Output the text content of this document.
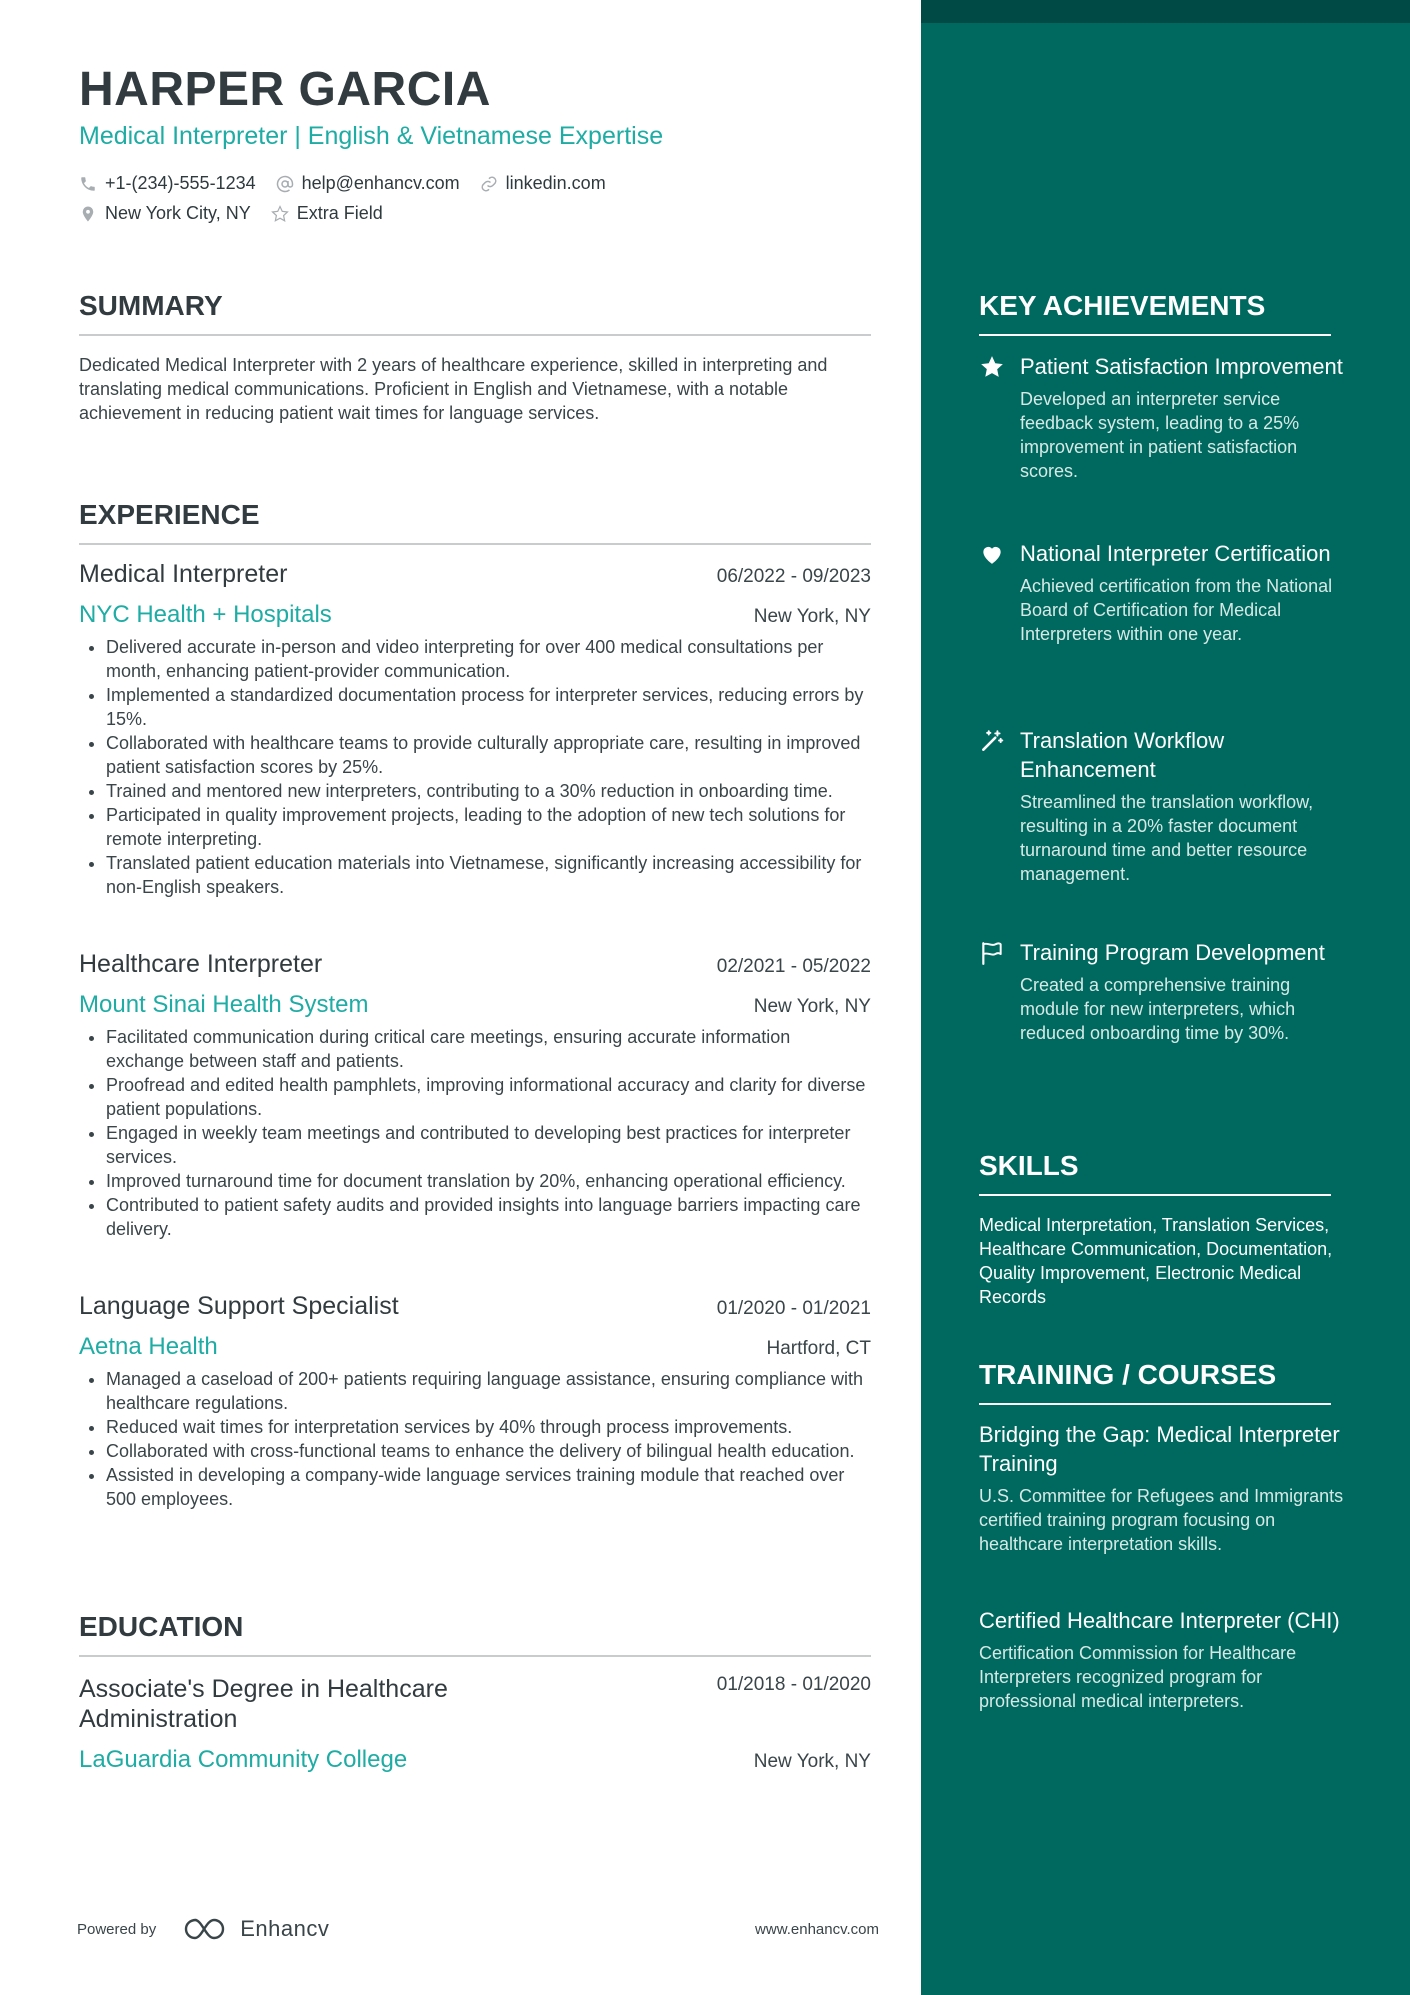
HARPER GARCIA

Medical Interpreter | English & Vietnamese Expertise

+1-(234)-555-1234	help@enhancv.com	linkedin.com
New York City, NY	Extra Field
SUMMARY

Dedicated Medical Interpreter with 2 years of healthcare experience, skilled in interpreting and translating medical communications. Proficient in English and Vietnamese, with a notable achievement in reducing patient wait times for language services.

EXPERIENCE
Medical Interpreter	06/2022 - 09/2023
NYC Health + Hospitals	New York, NY
• Delivered accurate in-person and video interpreting for over 400 medical consultations per month, enhancing patient-provider communication.
• Implemented a standardized documentation process for interpreter services, reducing errors by 15%.
• Collaborated with healthcare teams to provide culturally appropriate care, resulting in improved patient satisfaction scores by 25%.
• Trained and mentored new interpreters, contributing to a 30% reduction in onboarding time.
• Participated in quality improvement projects, leading to the adoption of new tech solutions for remote interpreting.
• Translated patient education materials into Vietnamese, significantly increasing accessibility for non-English speakers.
Healthcare Interpreter	02/2021 - 05/2022
Mount Sinai Health System	New York, NY
• Facilitated communication during critical care meetings, ensuring accurate information exchange between staff and patients.
• Proofread and edited health pamphlets, improving informational accuracy and clarity for diverse patient populations.
• Engaged in weekly team meetings and contributed to developing best practices for interpreter services.
• Improved turnaround time for document translation by 20%, enhancing operational efficiency.
• Contributed to patient safety audits and provided insights into language barriers impacting care delivery.
Language Support Specialist	01/2020 - 01/2021
Aetna Health	Hartford, CT
• Managed a caseload of 200+ patients requiring language assistance, ensuring compliance with healthcare regulations.
• Reduced wait times for interpretation services by 40% through process improvements.
• Collaborated with cross-functional teams to enhance the delivery of bilingual health education.
• Assisted in developing a company-wide language services training module that reached over 500 employees.
EDUCATION
Associate's Degree in Healthcare Administration
01/2018 - 01/2020
LaGuardia Community College	New York, NY
Powered by	Enhancv	www.enhancv.com
KEY ACHIEVEMENTS
Patient Satisfaction Improvement
Developed an interpreter service feedback system, leading to a 25% improvement in patient satisfaction scores.
National Interpreter Certification
Achieved certification from the National Board of Certification for Medical Interpreters within one year.
Translation Workflow Enhancement
Streamlined the translation workflow, resulting in a 20% faster document turnaround time and better resource management.
Training Program Development
Created a comprehensive training module for new interpreters, which reduced onboarding time by 30%.
SKILLS

Medical Interpretation, Translation Services, Healthcare Communication, Documentation, Quality Improvement, Electronic Medical Records

TRAINING / COURSES
Bridging the Gap: Medical Interpreter Training
U.S. Committee for Refugees and Immigrants certified training program focusing on healthcare interpretation skills.
Certified Healthcare Interpreter (CHI)
Certification Commission for Healthcare Interpreters recognized program for professional medical interpreters.
